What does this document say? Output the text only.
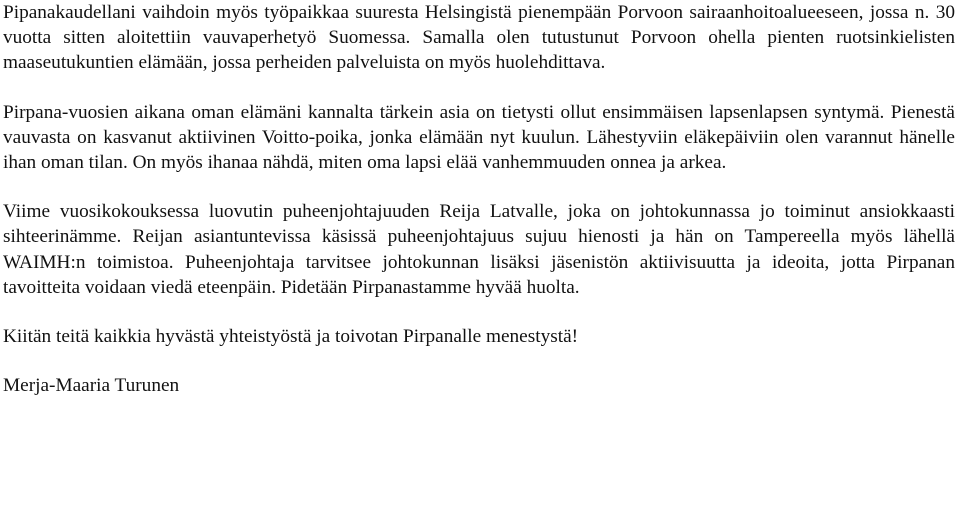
Pipanakaudellani vaihdoin myös työpaikkaa suuresta Helsingistä pienempään Porvoon sairaanhoitoalueeseen, jossa n. 30 vuotta sitten aloitettiin vauvaperhetyö Suomessa. Samalla olen tutustunut Porvoon ohella pienten ruotsinkielisten maaseutukuntien elämään, jossa perheiden palveluista on myös huolehdittava.

Pirpana-vuosien aikana oman elämäni kannalta tärkein asia on tietysti ollut ensimmäisen lapsenlapsen syntymä. Pienestä vauvasta on kasvanut aktiivinen Voitto-poika, jonka elämään nyt kuulun. Lähestyviin eläkepäiviin olen varannut hänelle ihan oman tilan. On myös ihanaa nähdä, miten oma lapsi elää vanhemmuuden onnea ja arkea.

Viime vuosikokouksessa luovutin puheenjohtajuuden Reija Latvalle, joka on johtokunnassa jo toiminut ansiokkaasti sihteerinämme. Reijan asiantuntevissa käsissä puheenjohtajuus sujuu hienosti ja hän on Tampereella myös lähellä WAIMH:n toimistoa. Puheenjohtaja tarvitsee johtokunnan lisäksi jäsenistön aktiivisuutta ja ideoita, jotta Pirpanan tavoitteita voidaan viedä eteenpäin. Pidetään Pirpanastamme hyvää huolta.

Kiitän teitä kaikkia hyvästä yhteistyöstä ja toivotan Pirpanalle menestystä!

Merja-Maaria Turunen
